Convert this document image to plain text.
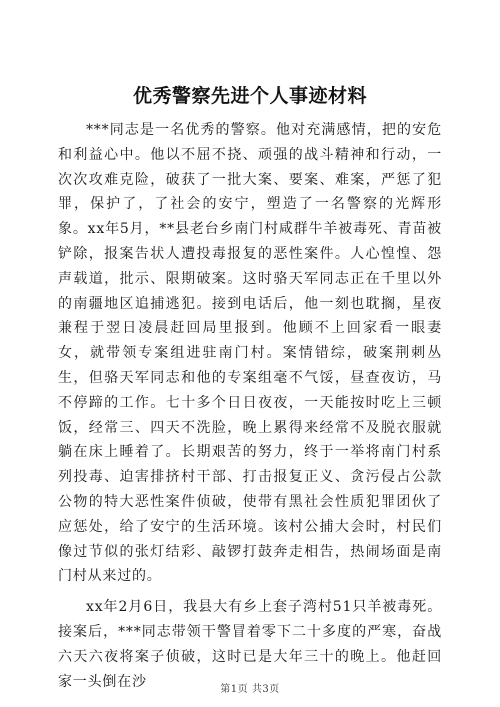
优秀警察先进个人事迹材料

***同志是一名优秀的警察。他对充满感情，把的安危和利益心中。他以不屈不挠、顽强的战斗精神和行动，一次次攻难克险，破获了一批大案、要案、难案，严惩了犯罪，保护了，了社会的安宁，塑造了一名警察的光辉形象。xx年5月，**县老台乡南门村咸群牛羊被毒死、青苗被铲除，报案告状人遭投毒报复的恶性案件。人心惶惶、怨声载道，批示、限期破案。这时骆天军同志正在千里以外的南疆地区追捕逃犯。接到电话后，他一刻也耽搁，星夜兼程于翌日凌晨赶回局里报到。他顾不上回家看一眼妻女，就带领专案组进驻南门村。案情错综，破案荆刺丛生，但骆天军同志和他的专案组毫不气馁，昼查夜访，马不停蹄的工作。七十多个日日夜夜，一天能按时吃上三顿饭，经常三、四天不洗脸，晚上累得来经常不及脱衣服就躺在床上睡着了。长期艰苦的努力，终于一举将南门村系列投毒、迫害排挤村干部、打击报复正义、贪污侵占公款公物的特大恶性案件侦破，使带有黑社会性质犯罪团伙了应惩处，给了安宁的生活环境。该村公捕大会时，村民们像过节似的张灯结彩、敲锣打鼓奔走相告，热闹场面是南门村从来过的。

xx年2月6日，我县大有乡上套子湾村51只羊被毒死。接案后，***同志带领干警冒着零下二十多度的严寒，奋战六天六夜将案子侦破，这时已是大年三十的晚上。他赶回家一头倒在沙	第1页 共3页
